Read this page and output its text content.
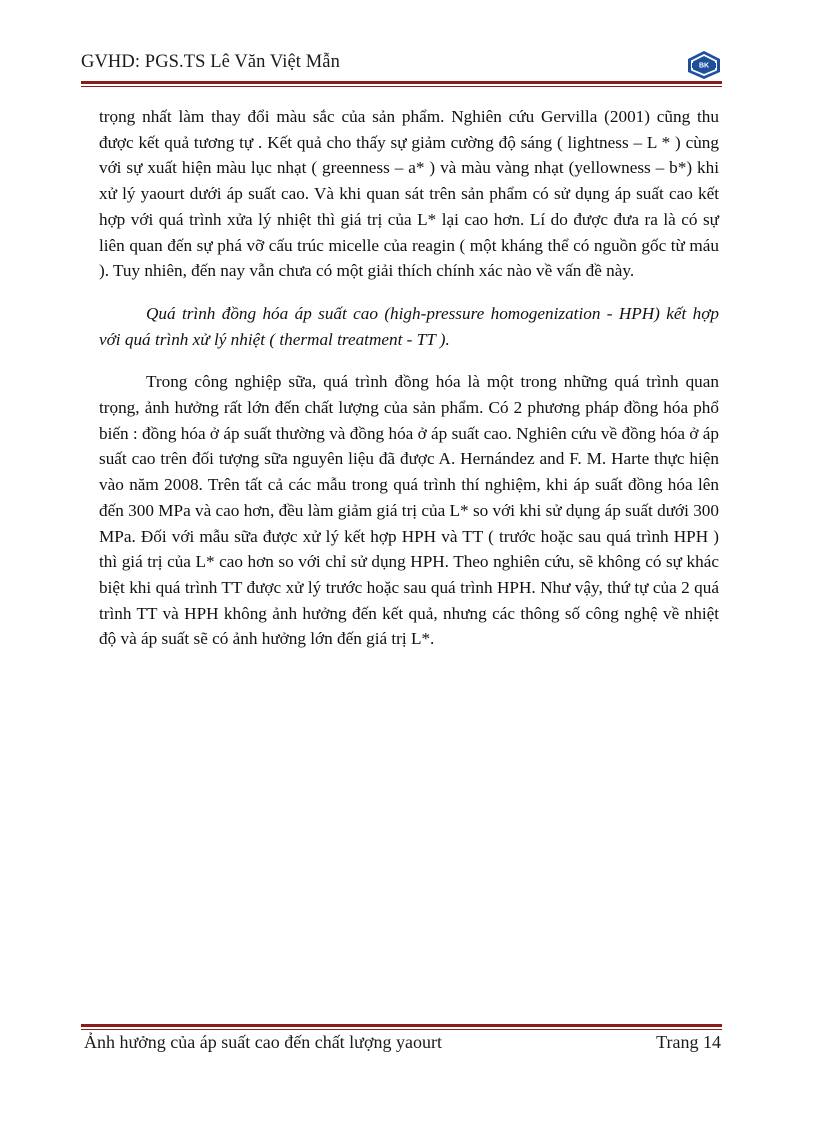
GVHD: PGS.TS Lê Văn Việt Mẫn	BK

trọng nhất làm thay đổi màu sắc của sản phẩm. Nghiên cứu Gervilla (2001) cũng thu được kết quả tương tự . Kết quả cho thấy sự giảm cường độ sáng ( lightness – L * ) cùng với sự xuất hiện màu lục nhạt ( greenness – a* ) và màu vàng nhạt (yellowness – b*) khi xử lý yaourt dưới áp suất cao. Và khi quan sát trên sản phẩm có sử dụng áp suất cao kết hợp với quá trình xửa lý nhiệt thì giá trị của L* lại cao hơn. Lí do được đưa ra là có sự liên quan đến sự phá vỡ cấu trúc micelle của reagin ( một kháng thể có nguồn gốc từ máu ). Tuy nhiên, đến nay vẫn chưa có một giải thích chính xác nào về vấn đề này.

Quá trình đồng hóa áp suất cao (high-pressure homogenization - HPH) kết hợp với quá trình xử lý nhiệt ( thermal treatment - TT ).

Trong công nghiệp sữa, quá trình đồng hóa là một trong những quá trình quan trọng, ảnh hưởng rất lớn đến chất lượng của sản phẩm. Có 2 phương pháp đồng hóa phổ biến : đồng hóa ở áp suất thường và đồng hóa ở áp suất cao. Nghiên cứu về đồng hóa ở áp suất cao trên đối tượng sữa nguyên liệu đã được A. Hernández and F. M. Harte thực hiện vào năm 2008. Trên tất cả các mẫu trong quá trình thí nghiệm, khi áp suất đồng hóa lên đến 300 MPa và cao hơn, đều làm giảm giá trị của L* so với khi sử dụng áp suất dưới 300 MPa. Đối với mẫu sữa được xử lý kết hợp HPH và TT ( trước hoặc sau quá trình HPH ) thì giá trị của L* cao hơn so với chỉ sử dụng HPH. Theo nghiên cứu, sẽ không có sự khác biệt khi quá trình TT được xử lý trước hoặc sau quá trình HPH. Như vậy, thứ tự của 2 quá trình TT và HPH không ảnh hưởng đến kết quả, nhưng các thông số công nghệ về nhiệt độ và áp suất sẽ có ảnh hưởng lớn đến giá trị L*.

Ảnh hưởng của áp suất cao đến chất lượng yaourt	Trang 14
